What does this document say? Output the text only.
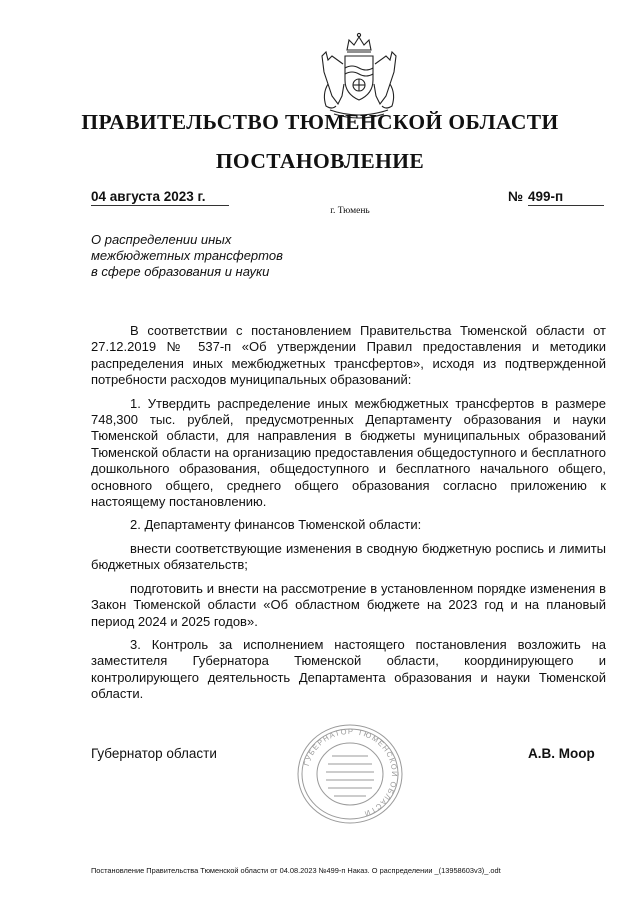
ПРАВИТЕЛЬСТВО ТЮМЕНСКОЙ ОБЛАСТИ
ПОСТАНОВЛЕНИЕ
04 августа 2023 г.	№ 499-п
г. Тюмень
О распределении иных
межбюджетных трансфертов
в сфере образования и науки

В соответствии с постановлением Правительства Тюменской области от 27.12.2019 № 537-п «Об утверждении Правил предоставления и методики распределения иных межбюджетных трансфертов», исходя из подтвержденной потребности расходов муниципальных образований:

1. Утвердить распределение иных межбюджетных трансфертов в размере 748,300 тыс. рублей, предусмотренных Департаменту образования и науки Тюменской области, для направления в бюджеты муниципальных образований Тюменской области на организацию предоставления общедоступного и бесплатного дошкольного образования, общедоступного и бесплатного начального общего, основного общего, среднего общего образования согласно приложению к настоящему постановлению.

2. Департаменту финансов Тюменской области:

внести соответствующие изменения в сводную бюджетную роспись и лимиты бюджетных обязательств;

подготовить и внести на рассмотрение в установленном порядке изменения в Закон Тюменской области «Об областном бюджете на 2023 год и на плановый период 2024 и 2025 годов».

3. Контроль за исполнением настоящего постановления возложить на заместителя Губернатора Тюменской области, координирующего и контролирующего деятельность Департамента образования и науки Тюменской области.

Губернатор области
ГУБЕРНАТОР ТЮМЕНСКОЙ ОБЛАСТИ
А.В. Моор
Постановление Правительства Тюменской области от 04.08.2023 №499-п Наказ. О распределении _(13958603v3)_.odt
